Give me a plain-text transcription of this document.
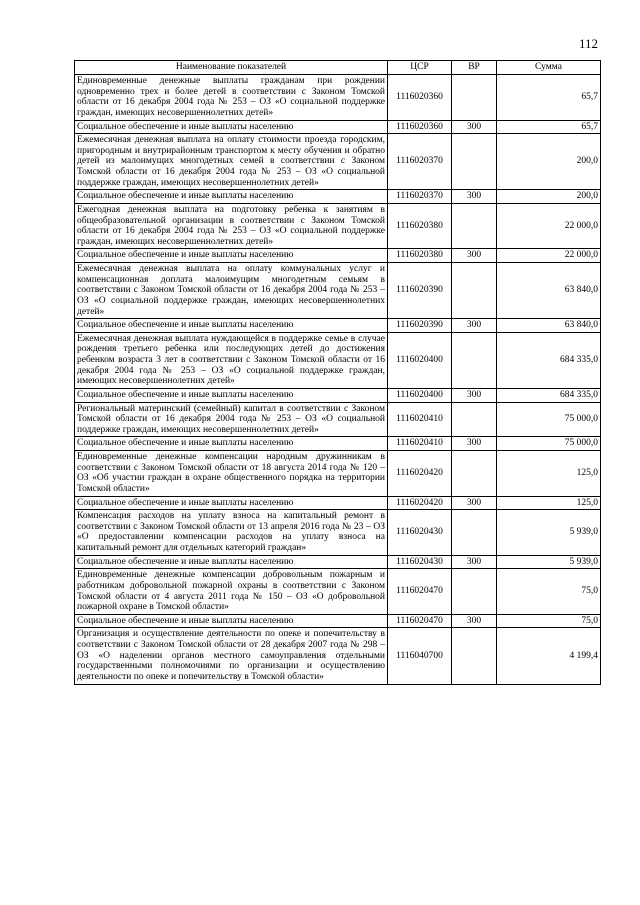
112
Наименование показателей	ЦСР	ВР	Сумма
Единовременные денежные выплаты гражданам при рождении одновременно трех и более детей в соответствии с Законом Томской области от 16 декабря 2004 года № 253 – ОЗ «О социальной поддержке граждан, имеющих несовершеннолетних детей»	1116020360		65,7
Социальное обеспечение и иные выплаты населению	1116020360	300	65,7
Ежемесячная денежная выплата на оплату стоимости проезда городским, пригородным и внутрирайонным транспортом к месту обучения и обратно детей из малоимущих многодетных семей в соответствии с Законом Томской области от 16 декабря 2004 года № 253 – ОЗ «О социальной поддержке граждан, имеющих несовершеннолетних детей»	1116020370		200,0
Социальное обеспечение и иные выплаты населению	1116020370	300	200,0
Ежегодная денежная выплата на подготовку ребенка к занятиям в общеобразовательной организации в соответствии с Законом Томской области от 16 декабря 2004 года № 253 – ОЗ «О социальной поддержке граждан, имеющих несовершеннолетних детей»	1116020380		22 000,0
Социальное обеспечение и иные выплаты населению	1116020380	300	22 000,0
Ежемесячная денежная выплата на оплату коммунальных услуг и компенсационная доплата малоимущим многодетным семьям в соответствии с Законом Томской области от 16 декабря 2004 года № 253 – ОЗ «О социальной поддержке граждан, имеющих несовершеннолетних детей»	1116020390		63 840,0
Социальное обеспечение и иные выплаты населению	1116020390	300	63 840,0
Ежемесячная денежная выплата нуждающейся в поддержке семье в случае рождения третьего ребенка или последующих детей до достижения ребенком возраста 3 лет в соответствии с Законом Томской области от 16 декабря 2004 года № 253 – ОЗ «О социальной поддержке граждан, имеющих несовершеннолетних детей»	1116020400		684 335,0
Социальное обеспечение и иные выплаты населению	1116020400	300	684 335,0
Региональный материнский (семейный) капитал в соответствии с Законом Томской области от 16 декабря 2004 года № 253 – ОЗ «О социальной поддержке граждан, имеющих несовершеннолетних детей»	1116020410		75 000,0
Социальное обеспечение и иные выплаты населению	1116020410	300	75 000,0
Единовременные денежные компенсации народным дружинникам в соответствии с Законом Томской области от 18 августа 2014 года № 120 – ОЗ «Об участии граждан в охране общественного порядка на территории Томской области»	1116020420		125,0
Социальное обеспечение и иные выплаты населению	1116020420	300	125,0
Компенсация расходов на уплату взноса на капитальный ремонт в соответствии с Законом Томской области от 13 апреля 2016 года № 23 – ОЗ «О предоставлении компенсации расходов на уплату взноса на капитальный ремонт для отдельных категорий граждан»	1116020430		5 939,0
Социальное обеспечение и иные выплаты населению	1116020430	300	5 939,0
Единовременные денежные компенсации добровольным пожарным и работникам добровольной пожарной охраны в соответствии с Законом Томской области от 4 августа 2011 года № 150 – ОЗ «О добровольной пожарной охране в Томской области»	1116020470		75,0
Социальное обеспечение и иные выплаты населению	1116020470	300	75,0
Организация и осуществление деятельности по опеке и попечительству в соответствии с Законом Томской области от 28 декабря 2007 года № 298 – ОЗ «О наделении органов местного самоуправления отдельными государственными полномочиями по организации и осуществлению деятельности по опеке и попечительству в Томской области»	1116040700		4 199,4
